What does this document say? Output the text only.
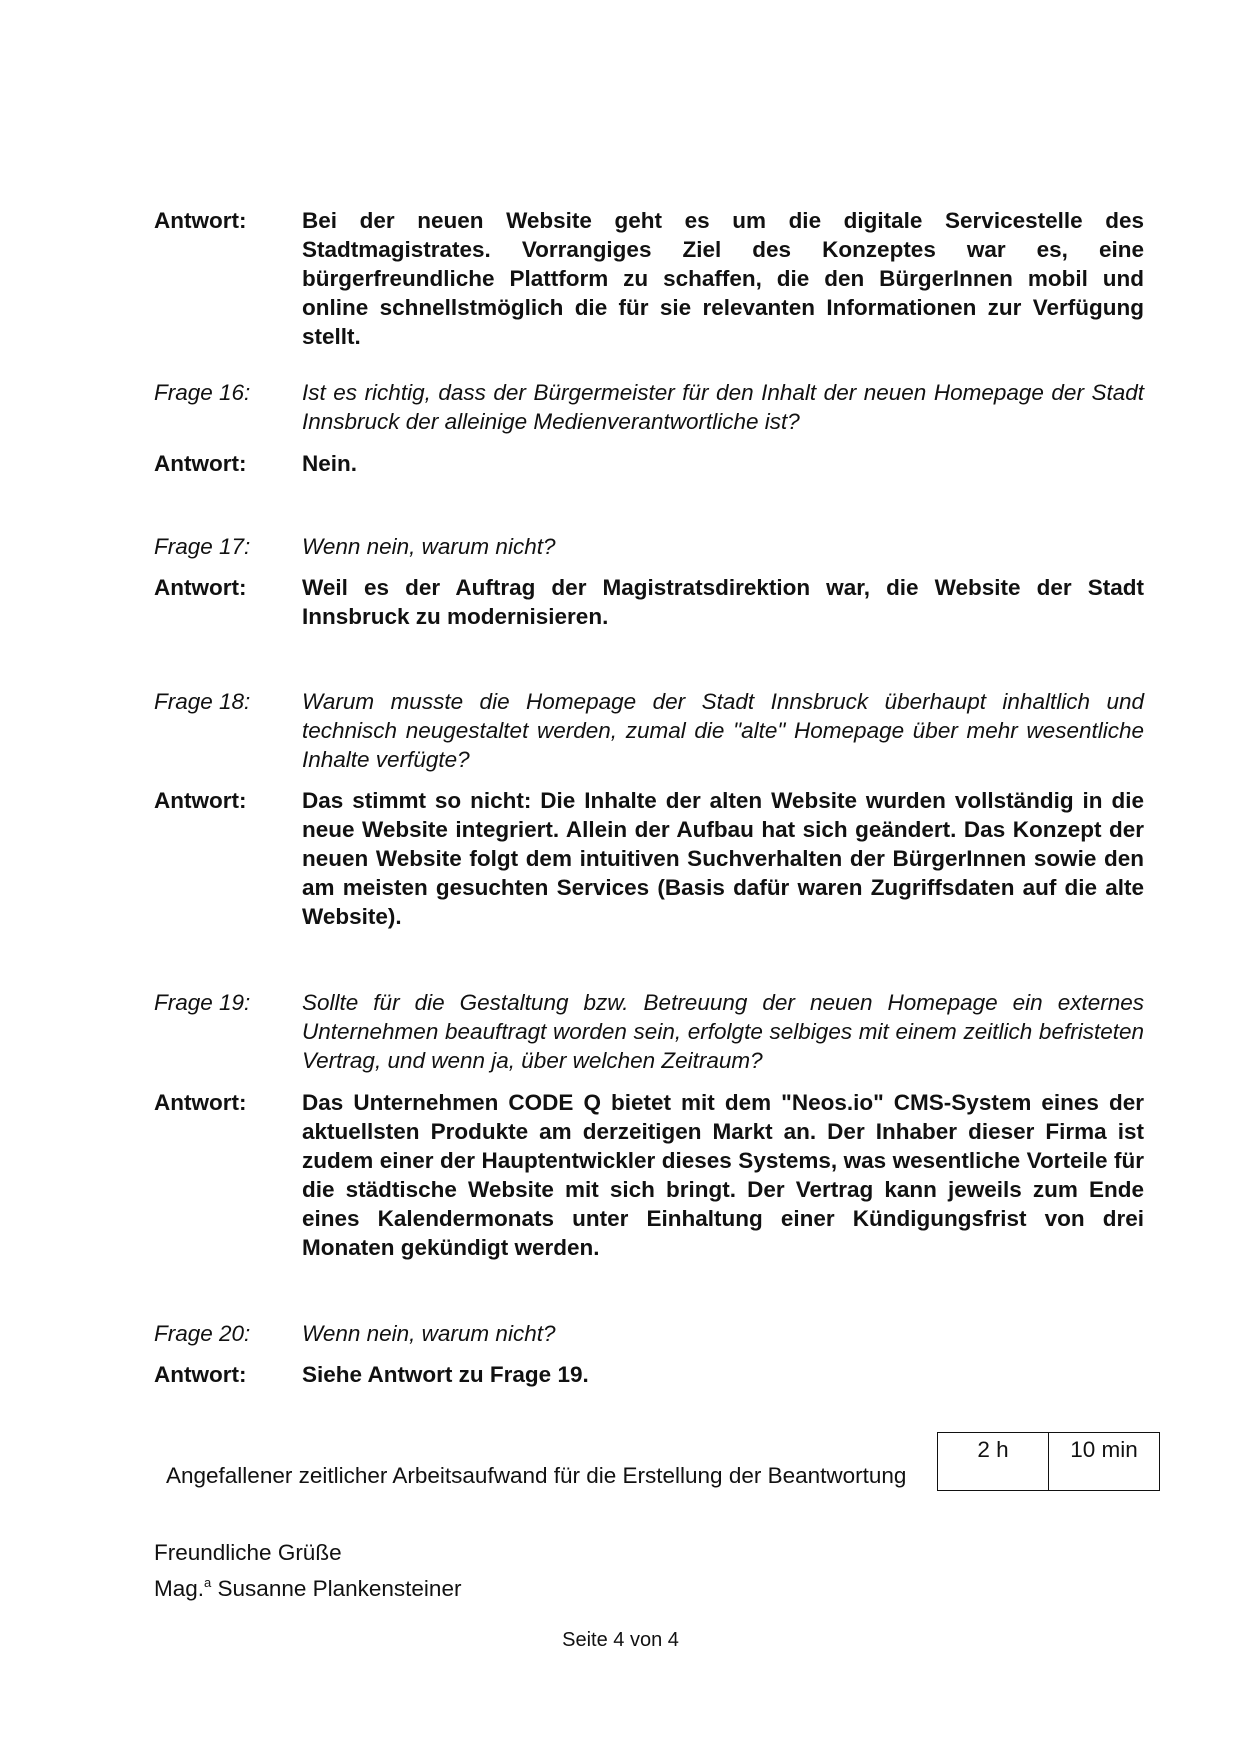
Antwort:	Bei der neuen Website geht es um die digitale Servicestelle des Stadtmagistrates. Vorrangiges Ziel des Konzeptes war es, eine bürgerfreundliche Plattform zu schaffen, die den BürgerInnen mobil und online schnellstmöglich die für sie relevanten Informationen zur Verfügung stellt.
Frage 16:	Ist es richtig, dass der Bürgermeister für den Inhalt der neuen Homepage der Stadt Innsbruck der alleinige Medienverantwortliche ist?
Antwort:	Nein.
Frage 17:	Wenn nein, warum nicht?
Antwort:	Weil es der Auftrag der Magistratsdirektion war, die Website der Stadt Innsbruck zu modernisieren.
Frage 18:	Warum musste die Homepage der Stadt Innsbruck überhaupt inhaltlich und technisch neugestaltet werden, zumal die "alte" Homepage über mehr wesentliche Inhalte verfügte?
Antwort:	Das stimmt so nicht: Die Inhalte der alten Website wurden vollständig in die neue Website integriert. Allein der Aufbau hat sich geändert. Das Konzept der neuen Website folgt dem intuitiven Suchverhalten der BürgerInnen sowie den am meisten gesuchten Services (Basis dafür waren Zugriffsdaten auf die alte Website).
Frage 19:	Sollte für die Gestaltung bzw. Betreuung der neuen Homepage ein externes Unternehmen beauftragt worden sein, erfolgte selbiges mit einem zeitlich befristeten Vertrag, und wenn ja, über welchen Zeitraum?
Antwort:	Das Unternehmen CODE Q bietet mit dem "Neos.io" CMS-System eines der aktuellsten Produkte am derzeitigen Markt an. Der Inhaber dieser Firma ist zudem einer der Hauptentwickler dieses Systems, was wesentliche Vorteile für die städtische Website mit sich bringt. Der Vertrag kann jeweils zum Ende eines Kalendermonats unter Einhaltung einer Kündigungsfrist von drei Monaten gekündigt werden.
Frage 20:	Wenn nein, warum nicht?
Antwort:	Siehe Antwort zu Frage 19.
Angefallener zeitlicher Arbeitsaufwand für die Erstellung der Beantwortung
2 h	10 min
Freundliche Grüße
Mag.$^a$ Susanne Plankensteiner
Seite 4 von 4
